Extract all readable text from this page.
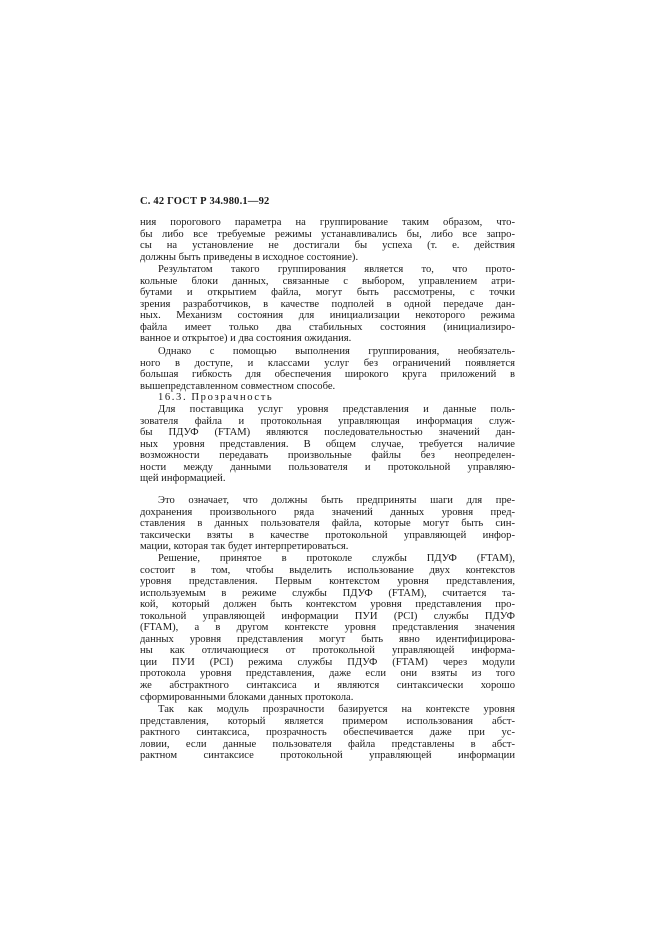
С. 42 ГОСТ Р 34.980.1—92
ния порогового параметра на группирование таким образом, что-
бы либо все требуемые режимы устанавливались бы, либо все запро-
сы на установление не достигали бы успеха (т. е. действия
должны быть приведены в исходное состояние).
Результатом такого группирования является то, что прото-
кольные блоки данных, связанные с выбором, управлением атри-
бутами и открытием файла, могут быть рассмотрены, с точки
зрения разработчиков, в качестве подполей в одной передаче дан-
ных. Механизм состояния для инициализации некоторого режима
файла имеет только два стабильных состояния (инициализиро-
ванное и открытое) и два состояния ожидания.
Однако с помощью выполнения группирования, необязатель-
ного в доступе, и классами услуг без ограничений появляется
большая гибкость для обеспечения широкого круга приложений в
вышепредставленном совместном способе.
16.3. Прозрачность
Для поставщика услуг уровня представления и данные поль-
зователя файла и протокольная управляющая информация служ-
бы ПДУФ (FTAM) являются последовательностью значений дан-
ных уровня представления. В общем случае, требуется наличие
возможности передавать произвольные файлы без неопределен-
ности между данными пользователя и протокольной управляю-
щей информацией.
Это означает, что должны быть предприняты шаги для пре-
дохранения произвольного ряда значений данных уровня пред-
ставления в данных пользователя файла, которые могут быть син-
таксически взяты в качестве протокольной управляющей инфор-
мации, которая так будет интерпретироваться.
Решение, принятое в протоколе службы ПДУФ (FTAM),
состоит в том, чтобы выделить использование двух контекстов
уровня представления. Первым контекстом уровня представления,
используемым в режиме службы ПДУФ (FTAM), считается та-
кой, который должен быть контекстом уровня представления про-
токольной управляющей информации ПУИ (PCI) службы ПДУФ
(FTAM), а в другом контексте уровня представления значения
данных уровня представления могут быть явно идентифицирова-
ны как отличающиеся от протокольной управляющей информа-
ции ПУИ (PCI) режима службы ПДУФ (FTAM) через модули
протокола уровня представления, даже если они взяты из того
же абстрактного синтаксиса и являются синтаксически хорошо
сформированными блоками данных протокола.
Так как модуль прозрачности базируется на контексте уровня
представления, который является примером использования абст-
рактного синтаксиса, прозрачность обеспечивается даже при ус-
ловии, если данные пользователя файла представлены в абст-
рактном синтаксисе протокольной управляющей информации
